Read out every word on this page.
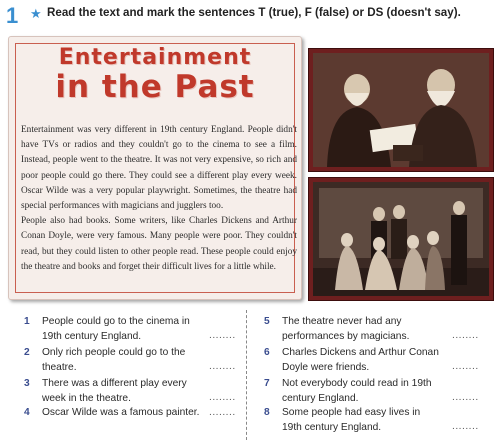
1 ★ Read the text and mark the sentences T (true), F (false) or DS (doesn't say).
Entertainment
in the Past

Entertainment was very different in 19th century England. People didn't have TVs or radios and they couldn't go to the cinema to see a film. Instead, people went to the theatre. It was not very expensive, so rich and poor people could go there. They could see a different play every week. Oscar Wilde was a very popular playwright. Sometimes, the theatre had special performances with magicians and jugglers too.

People also had books. Some writers, like Charles Dickens and Arthur Conan Doyle, were very famous. Many people were poor. They couldn't read, but they could listen to other people read. These people could enjoy the theatre and books and forget their difficult lives for a little while.

1 People could go to the cinema in 19th century England.	........
2 Only rich people could go to the theatre.	........
3 There was a different play every week in the theatre.	........
4 Oscar Wilde was a famous painter. ........
5 The theatre never had any performances by magicians.	........
6 Charles Dickens and Arthur Conan Doyle were friends.	........
7 Not everybody could read in 19th century England.	........
8 Some people had easy lives in 19th century England.	........
